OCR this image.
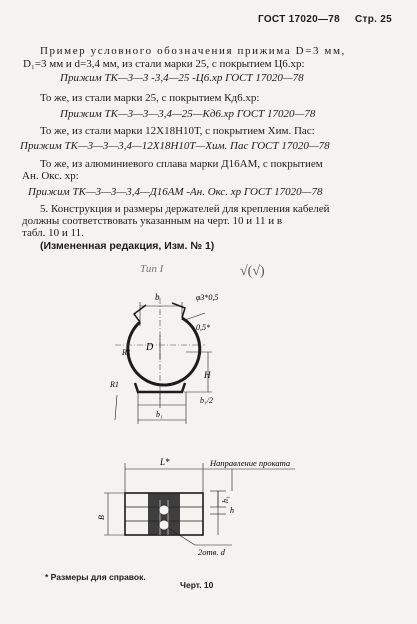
ГОСТ 17020—78 Стр. 25
Пример условного обозначения прижима D=3 мм,
D₁=3 мм и d=3,4 мм, из стали марки 25, с покрытием Ц6.хр:
Прижим ТК—3—3 -3,4—25 -Ц6.хр ГОСТ 17020—78
То же, из стали марки 25, с покрытием Кд6.хр:
Прижим ТК—3—3—3,4—25—Кд6.хр ГОСТ 17020—78
То же, из стали марки 12Х18Н10Т, с покрытием Хим. Пас:
Прижим ТК—3—3—3,4—12Х18Н10Т—Хим. Пас ГОСТ 17020—78
То же, из алюминиевого сплава марки Д16АМ, с покрытием
Ан. Окс. хр:
Прижим ТК—3—3—3,4—Д16АМ -Ан. Окс. хр ГОСТ 17020—78
5. Конструкция и размеры держателей для крепления кабелей
должны соответствовать указанным на черт. 10 и 11 и в
табл. 10 и 11.
(Измененная редакция, Изм. № 1)
Тип I	√(√)
b	φ3*0,5
0,5*
D
R1
R1
H
b₁/2
b₁
L*	Направление проката
h₁
h
B
2отв. d
* Размеры для справок.
Черт. 10
